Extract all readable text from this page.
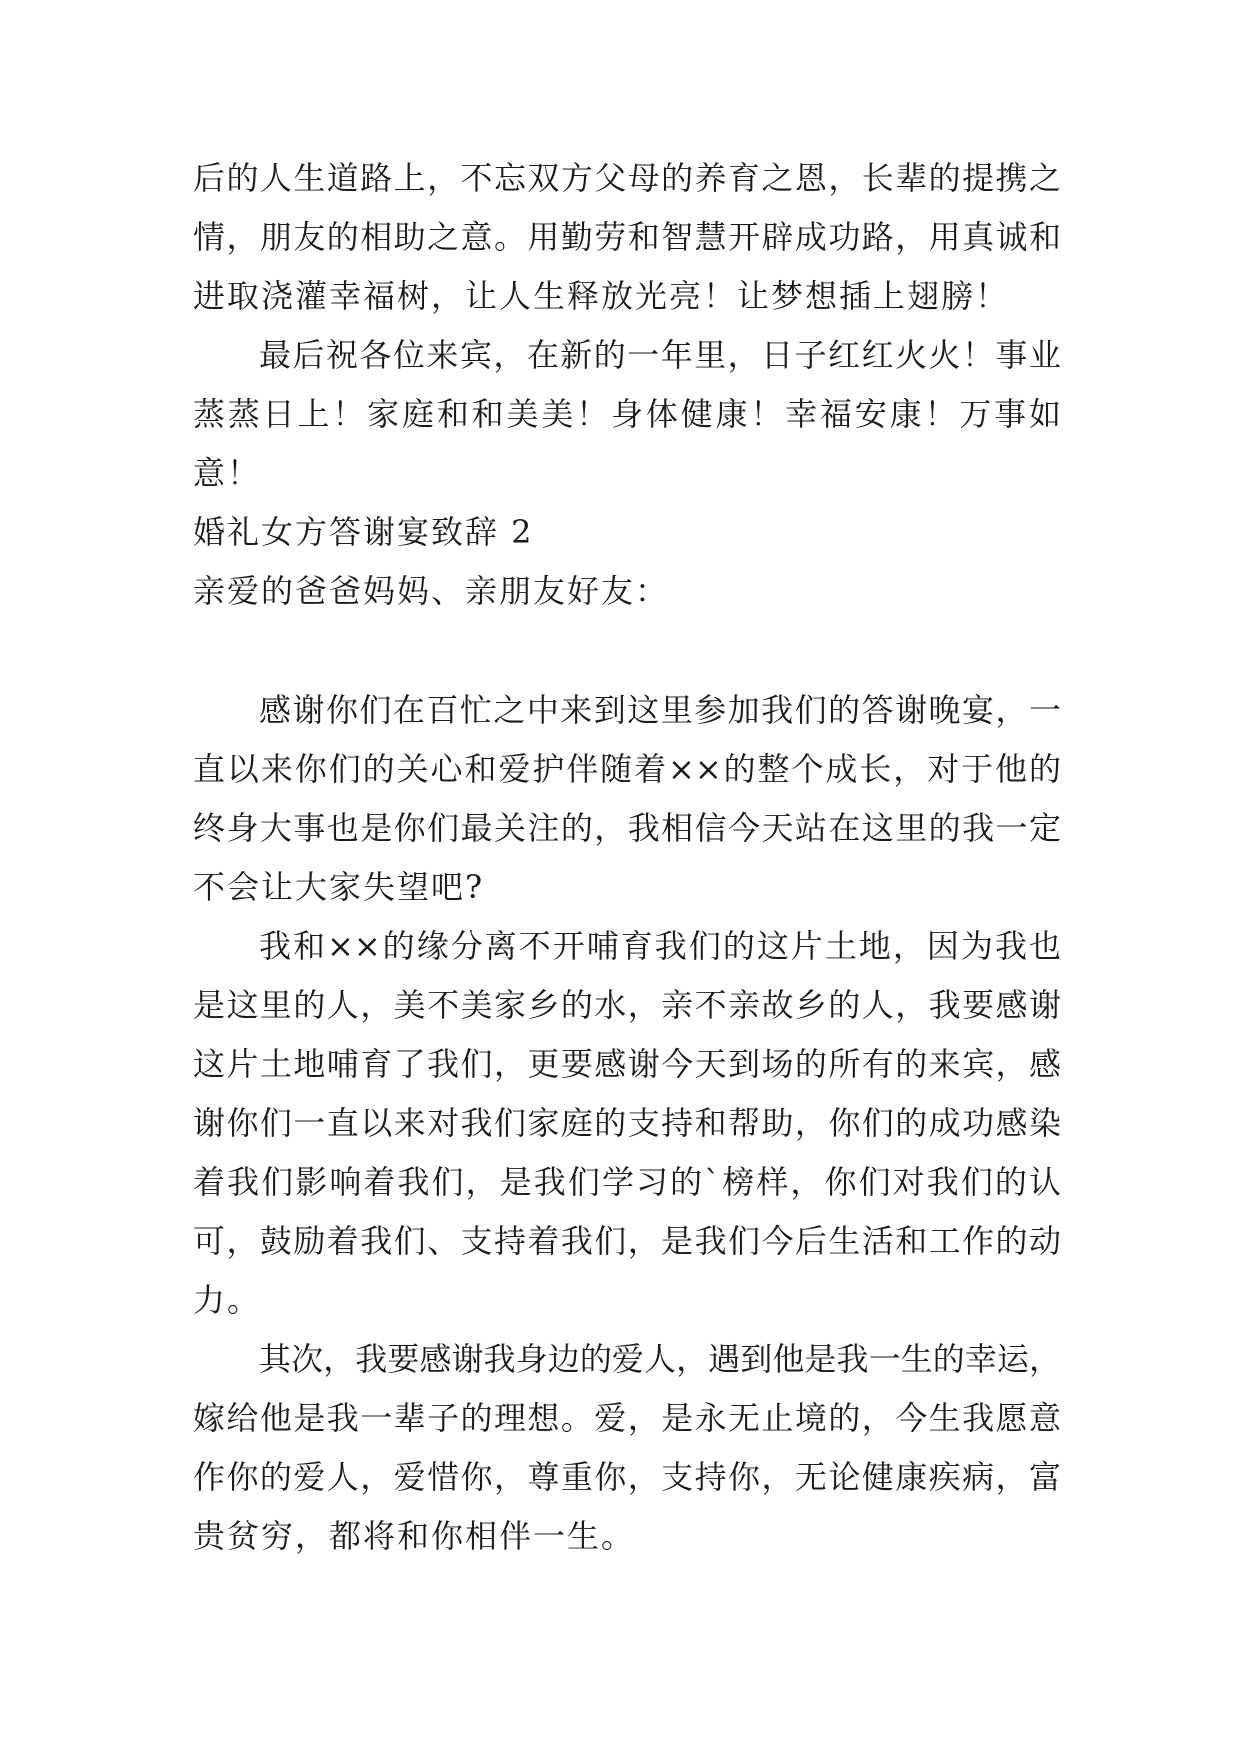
后的人生道路上，不忘双方父母的养育之恩，长辈的提携之
情，朋友的相助之意。用勤劳和智慧开辟成功路，用真诚和
进取浇灌幸福树，让人生释放光亮！让梦想插上翅膀！
最后祝各位来宾，在新的一年里，日子红红火火！事业
蒸蒸日上！家庭和和美美！身体健康！幸福安康！万事如
意！
婚礼女方答谢宴致辞 2
亲爱的爸爸妈妈、亲朋友好友：
感谢你们在百忙之中来到这里参加我们的答谢晚宴，一
直以来你们的关心和爱护伴随着××的整个成长，对于他的
终身大事也是你们最关注的，我相信今天站在这里的我一定
不会让大家失望吧?
我和××的缘分离不开哺育我们的这片土地，因为我也
是这里的人，美不美家乡的水，亲不亲故乡的人，我要感谢
这片土地哺育了我们，更要感谢今天到场的所有的来宾，感
谢你们一直以来对我们家庭的支持和帮助，你们的成功感染
着我们影响着我们，是我们学习的`榜样，你们对我们的认
可，鼓励着我们、支持着我们，是我们今后生活和工作的动
力。
其次，我要感谢我身边的爱人，遇到他是我一生的幸运，
嫁给他是我一辈子的理想。爱，是永无止境的，今生我愿意
作你的爱人，爱惜你，尊重你，支持你，无论健康疾病，富
贵贫穷，都将和你相伴一生。
